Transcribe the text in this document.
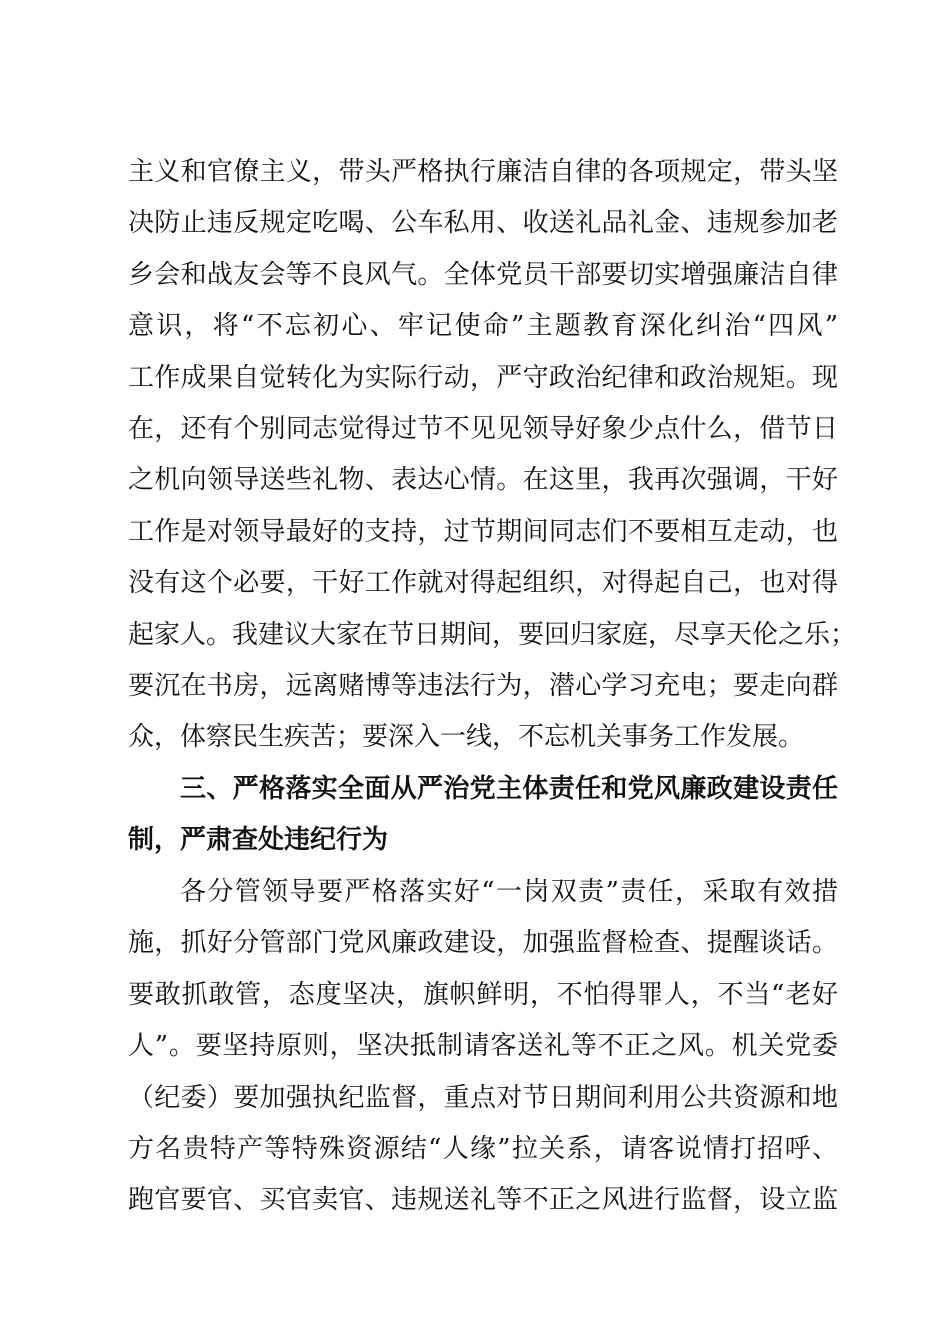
主义和官僚主义，带头严格执行廉洁自律的各项规定，带头坚
决防止违反规定吃喝、公车私用、收送礼品礼金、违规参加老
乡会和战友会等不良风气。全体党员干部要切实增强廉洁自律
意识，将“不忘初心、牢记使命”主题教育深化纠治“四风”
工作成果自觉转化为实际行动，严守政治纪律和政治规矩。现
在，还有个别同志觉得过节不见见领导好象少点什么，借节日
之机向领导送些礼物、表达心情。在这里，我再次强调，干好
工作是对领导最好的支持，过节期间同志们不要相互走动，也
没有这个必要，干好工作就对得起组织，对得起自己，也对得
起家人。我建议大家在节日期间，要回归家庭，尽享天伦之乐；
要沉在书房，远离赌博等违法行为，潜心学习充电；要走向群
众，体察民生疾苦；要深入一线，不忘机关事务工作发展。
三、严格落实全面从严治党主体责任和党风廉政建设责任
制，严肃查处违纪行为
各分管领导要严格落实好“一岗双责”责任，采取有效措
施，抓好分管部门党风廉政建设，加强监督检查、提醒谈话。
要敢抓敢管，态度坚决，旗帜鲜明，不怕得罪人，不当“老好
人”。要坚持原则，坚决抵制请客送礼等不正之风。机关党委
（纪委）要加强执纪监督，重点对节日期间利用公共资源和地
方名贵特产等特殊资源结“人缘”拉关系，请客说情打招呼、
跑官要官、买官卖官、违规送礼等不正之风进行监督，设立监
